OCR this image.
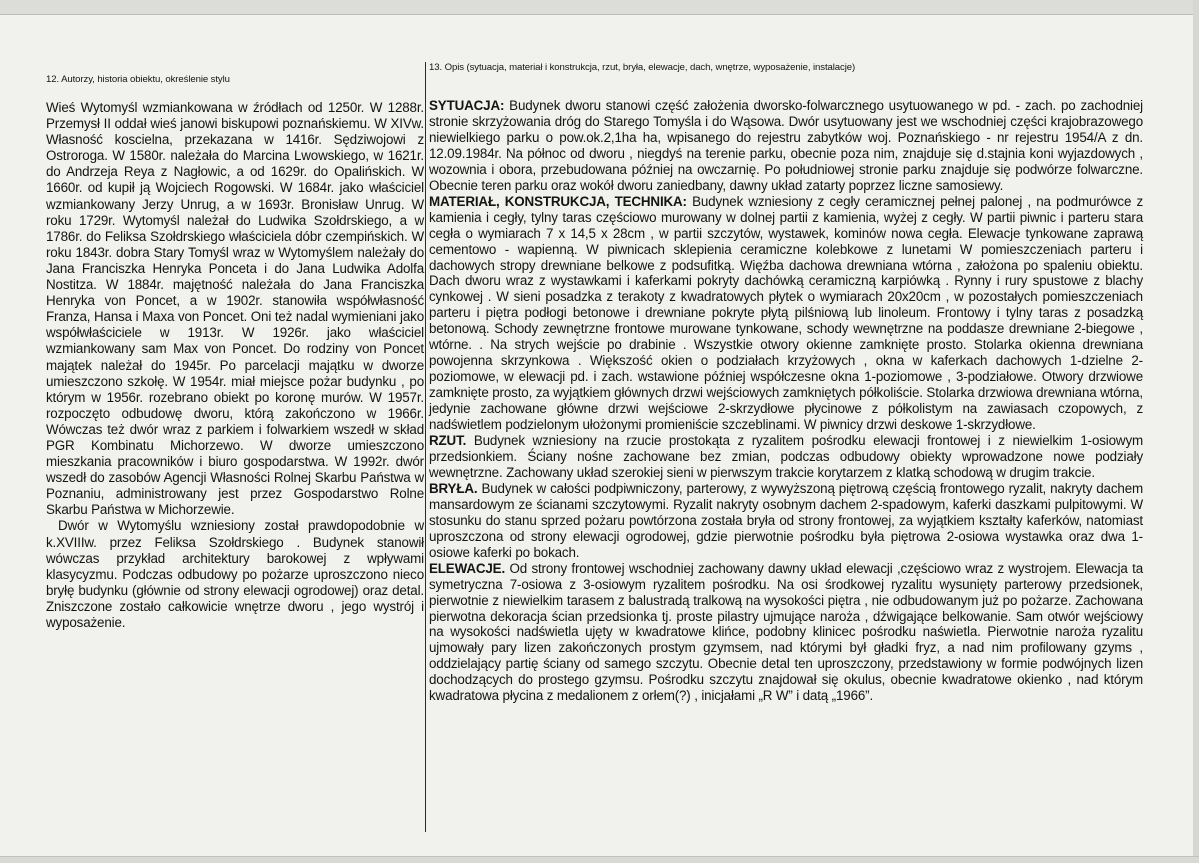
12. Autorzy, historia obiektu, określenie stylu

Wieś Wytomyśl wzmiankowana w źródłach od 1250r. W 1288r. Przemysł II oddał wieś janowi biskupowi poznańskiemu. W XIVw. Własność koscielna, przekazana w 1416r. Sędziwojowi z Ostroroga. W 1580r. należała do Marcina Lwowskiego, w 1621r. do Andrzeja Reya z Nagłowic, a od 1629r. do Opalińskich. W 1660r. od kupił ją Wojciech Rogowski. W 1684r. jako właściciel wzmiankowany Jerzy Unrug, a w 1693r. Bronisław Unrug. W roku 1729r. Wytomyśl należał do Ludwika Szołdrskiego, a w 1786r. do Feliksa Szołdrskiego właściciela dóbr czempińskich. W roku 1843r. dobra Stary Tomyśl wraz w Wytomyślem należały do Jana Franciszka Henryka Ponceta i do Jana Ludwika Adolfa Nostitza. W 1884r. majętność należała do Jana Franciszka Henryka von Poncet, a w 1902r. stanowiła współwłasność Franza, Hansa i Maxa von Poncet. Oni też nadal wymieniani jako współwłaściciele w 1913r. W 1926r. jako właściciel wzmiankowany sam Max von Poncet. Do rodziny von Poncet majątek należał do 1945r. Po parcelacji majątku w dworze umieszczono szkołę. W 1954r. miał miejsce pożar budynku , po którym w 1956r. rozebrano obiekt po koronę murów. W 1957r. rozpoczęto odbudowę dworu, którą zakończono w 1966r. Wówczas też dwór wraz z parkiem i folwarkiem wszedł w skład PGR Kombinatu Michorzewo. W dworze umieszczono mieszkania pracowników i biuro gospodarstwa. W 1992r. dwór wszedł do zasobów Agencji Własności Rolnej Skarbu Państwa w Poznaniu, administrowany jest przez Gospodarstwo Rolne Skarbu Państwa w Michorzewie.

Dwór w Wytomyślu wzniesiony został prawdopodobnie w k.XVIIIw. przez Feliksa Szołdrskiego . Budynek stanowił wówczas przykład architektury barokowej z wpływami klasycyzmu. Podczas odbudowy po pożarze uproszczono nieco bryłę budynku (głównie od strony elewacji ogrodowej) oraz detal. Zniszczone zostało całkowicie wnętrze dworu , jego wystrój i wyposażenie.

13. Opis (sytuacja, materiał i konstrukcja, rzut, bryła, elewacje, dach, wnętrze, wyposażenie, instalacje)

SYTUACJA: Budynek dworu stanowi część założenia dworsko-folwarcznego usytuowanego w pd. - zach. po zachodniej stronie skrzyżowania dróg do Starego Tomyśla i do Wąsowa. Dwór usytuowany jest we wschodniej części krajobrazowego niewielkiego parku o pow.ok.2,1ha ha, wpisanego do rejestru zabytków woj. Poznańskiego - nr rejestru 1954/A z dn. 12.09.1984r. Na północ od dworu , niegdyś na terenie parku, obecnie poza nim, znajduje się d.stajnia koni wyjazdowych , wozownia i obora, przebudowana później na owczarnię. Po południowej stronie parku znajduje się podwórze folwarczne. Obecnie teren parku oraz wokół dworu zaniedbany, dawny układ zatarty poprzez liczne samosiewy.

MATERIAŁ, KONSTRUKCJA, TECHNIKA: Budynek wzniesiony z cegły ceramicznej pełnej palonej , na podmurówce z kamienia i cegły, tylny taras częściowo murowany w dolnej partii z kamienia, wyżej z cegły. W partii piwnic i parteru stara cegła o wymiarach 7 x 14,5 x 28cm , w partii szczytów, wystawek, kominów nowa cegła. Elewacje tynkowane zaprawą cementowo - wapienną. W piwnicach sklepienia ceramiczne kolebkowe z lunetami W pomieszczeniach parteru i dachowych stropy drewniane belkowe z podsufitką. Więźba dachowa drewniana wtórna , założona po spaleniu obiektu. Dach dworu wraz z wystawkami i kaferkami pokryty dachówką ceramiczną karpiówką . Rynny i rury spustowe z blachy cynkowej . W sieni posadzka z terakoty z kwadratowych płytek o wymiarach 20x20cm , w pozostałych pomieszczeniach parteru i piętra podłogi betonowe i drewniane pokryte płytą pilśniową lub linoleum. Frontowy i tylny taras z posadzką betonową. Schody zewnętrzne frontowe murowane tynkowane, schody wewnętrzne na poddasze drewniane 2-biegowe , wtórne. . Na strych wejście po drabinie . Wszystkie otwory okienne zamknięte prosto. Stolarka okienna drewniana powojenna skrzynkowa . Większość okien o podziałach krzyżowych , okna w kaferkach dachowych 1-dzielne 2-poziomowe, w elewacji pd. i zach. wstawione później współczesne okna 1-poziomowe , 3-podziałowe. Otwory drzwiowe zamknięte prosto, za wyjątkiem głównych drzwi wejściowych zamkniętych półkoliście. Stolarka drzwiowa drewniana wtórna, jedynie zachowane główne drzwi wejściowe 2-skrzydłowe płycinowe z półkolistym na zawiasach czopowych, z nadświetlem podzielonym ułożonymi promieniście szczeblinami. W piwnicy drzwi deskowe 1-skrzydłowe.

RZUT. Budynek wzniesiony na rzucie prostokąta z ryzalitem pośrodku elewacji frontowej i z niewielkim 1-osiowym przedsionkiem. Ściany nośne zachowane bez zmian, podczas odbudowy obiekty wprowadzone nowe podziały wewnętrzne. Zachowany układ szerokiej sieni w pierwszym trakcie korytarzem z klatką schodową w drugim trakcie.

BRYŁA. Budynek w całości podpiwniczony, parterowy, z wywyższoną piętrową częścią frontowego ryzalit, nakryty dachem mansardowym ze ścianami szczytowymi. Ryzalit nakryty osobnym dachem 2-spadowym, kaferki daszkami pulpitowymi. W stosunku do stanu sprzed pożaru powtórzona została bryła od strony frontowej, za wyjątkiem kształty kaferków, natomiast uproszczona od strony elewacji ogrodowej, gdzie pierwotnie pośrodku była piętrowa 2-osiowa wystawka oraz dwa 1-osiowe kaferki po bokach.

ELEWACJE. Od strony frontowej wschodniej zachowany dawny układ elewacji ,częściowo wraz z wystrojem. Elewacja ta symetryczna 7-osiowa z 3-osiowym ryzalitem pośrodku. Na osi środkowej ryzalitu wysunięty parterowy przedsionek, pierwotnie z niewielkim tarasem z balustradą tralkową na wysokości piętra , nie odbudowanym już po pożarze. Zachowana pierwotna dekoracja ścian przedsionka tj. proste pilastry ujmujące naroża , dźwigające belkowanie. Sam otwór wejściowy na wysokości nadświetla ujęty w kwadratowe klińce, podobny klinicec pośrodku naświetla. Pierwotnie naroża ryzalitu ujmowały pary lizen zakończonych prostym gzymsem, nad którymi był gładki fryz, a nad nim profilowany gzyms , oddzielający partię ściany od samego szczytu. Obecnie detal ten uproszczony, przedstawiony w formie podwójnych lizen dochodzących do prostego gzymsu. Pośrodku szczytu znajdował się okulus, obecnie kwadratowe okienko , nad którym kwadratowa płycina z medalionem z orłem(?) , inicjałami „R W” i datą „1966”.
